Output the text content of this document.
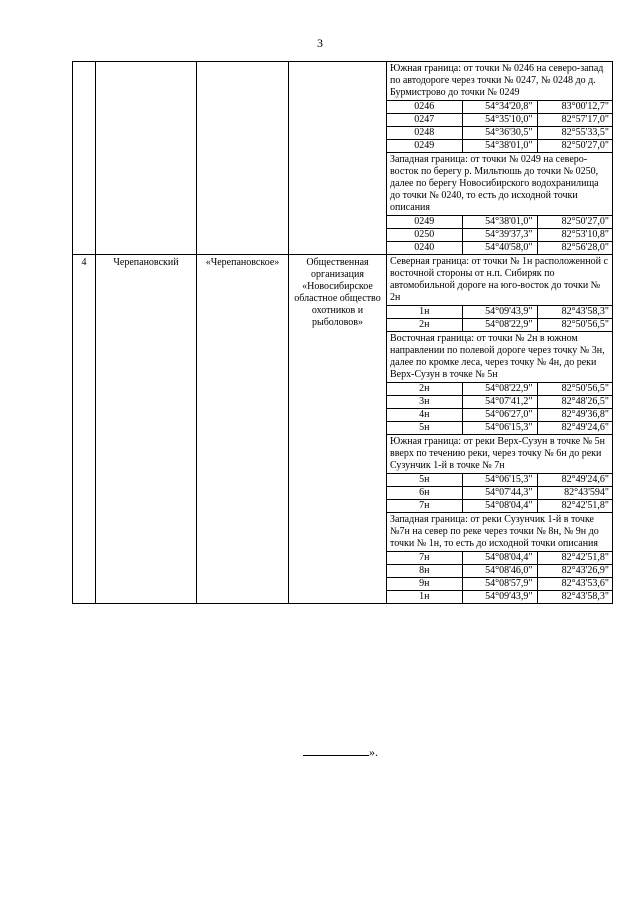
3

Южная граница: от точки № 0246 на северо-запад по автодороге через точки № 0247, № 0248 до д. Бурмистрово до точки № 0249
0246	54°34'20,8"	83°00'12,7"
0247	54°35'10,0"	82°57'17,0"
0248	54°36'30,5"	82°55'33,5"
0249	54°38'01,0"	82°50'27,0"
Западная граница: от точки № 0249 на северо-восток по берегу р. Мильтюшь до точки № 0250, далее по берегу Новосибирского водохранилища до точки № 0240, то есть до исходной точки описания
0249	54°38'01,0"	82°50'27,0"
0250	54°39'37,3"	82°53'10,8"
0240	54°40'58,0"	82°56'28,0"

4	Черепановский	«Черепановское»	Общественная организация «Новосибирское областное общество охотников и рыболовов»	
Северная граница: от точки № 1н расположенной с восточной стороны от н.п. Сибиряк по автомобильной дороге на юго-восток до точки № 2н
1н	54°09'43,9"	82°43'58,3"
2н	54°08'22,9"	82°50'56,5"
Восточная граница: от точки № 2н в южном направлении по полевой дороге через точку № 3н, далее по кромке леса, через точку № 4н, до реки Верх-Сузун в точке № 5н
2н	54°08'22,9"	82°50'56,5"
3н	54°07'41,2"	82°48'26,5"
4н	54°06'27,0"	82°49'36,8"
5н	54°06'15,3"	82°49'24,6"
Южная граница: от реки Верх-Сузун в точке № 5н вверх по течению реки, через точку № 6н до реки Сузунчик 1-й в точке № 7н
5н	54°06'15,3"	82°49'24,6"
6н	54°07'44,3"	82°43'594"
7н	54°08'04,4"	82°42'51,8"
Западная граница: от реки Сузунчик 1-й в точке №7н на север по реке через точки № 8н, № 9н до точки № 1н, то есть до исходной точки описания
7н	54°08'04,4"	82°42'51,8"
8н	54°08'46,0"	82°43'26,9"
9н	54°08'57,9"	82°43'53,6"
1н	54°09'43,9"	82°43'58,3"
».
